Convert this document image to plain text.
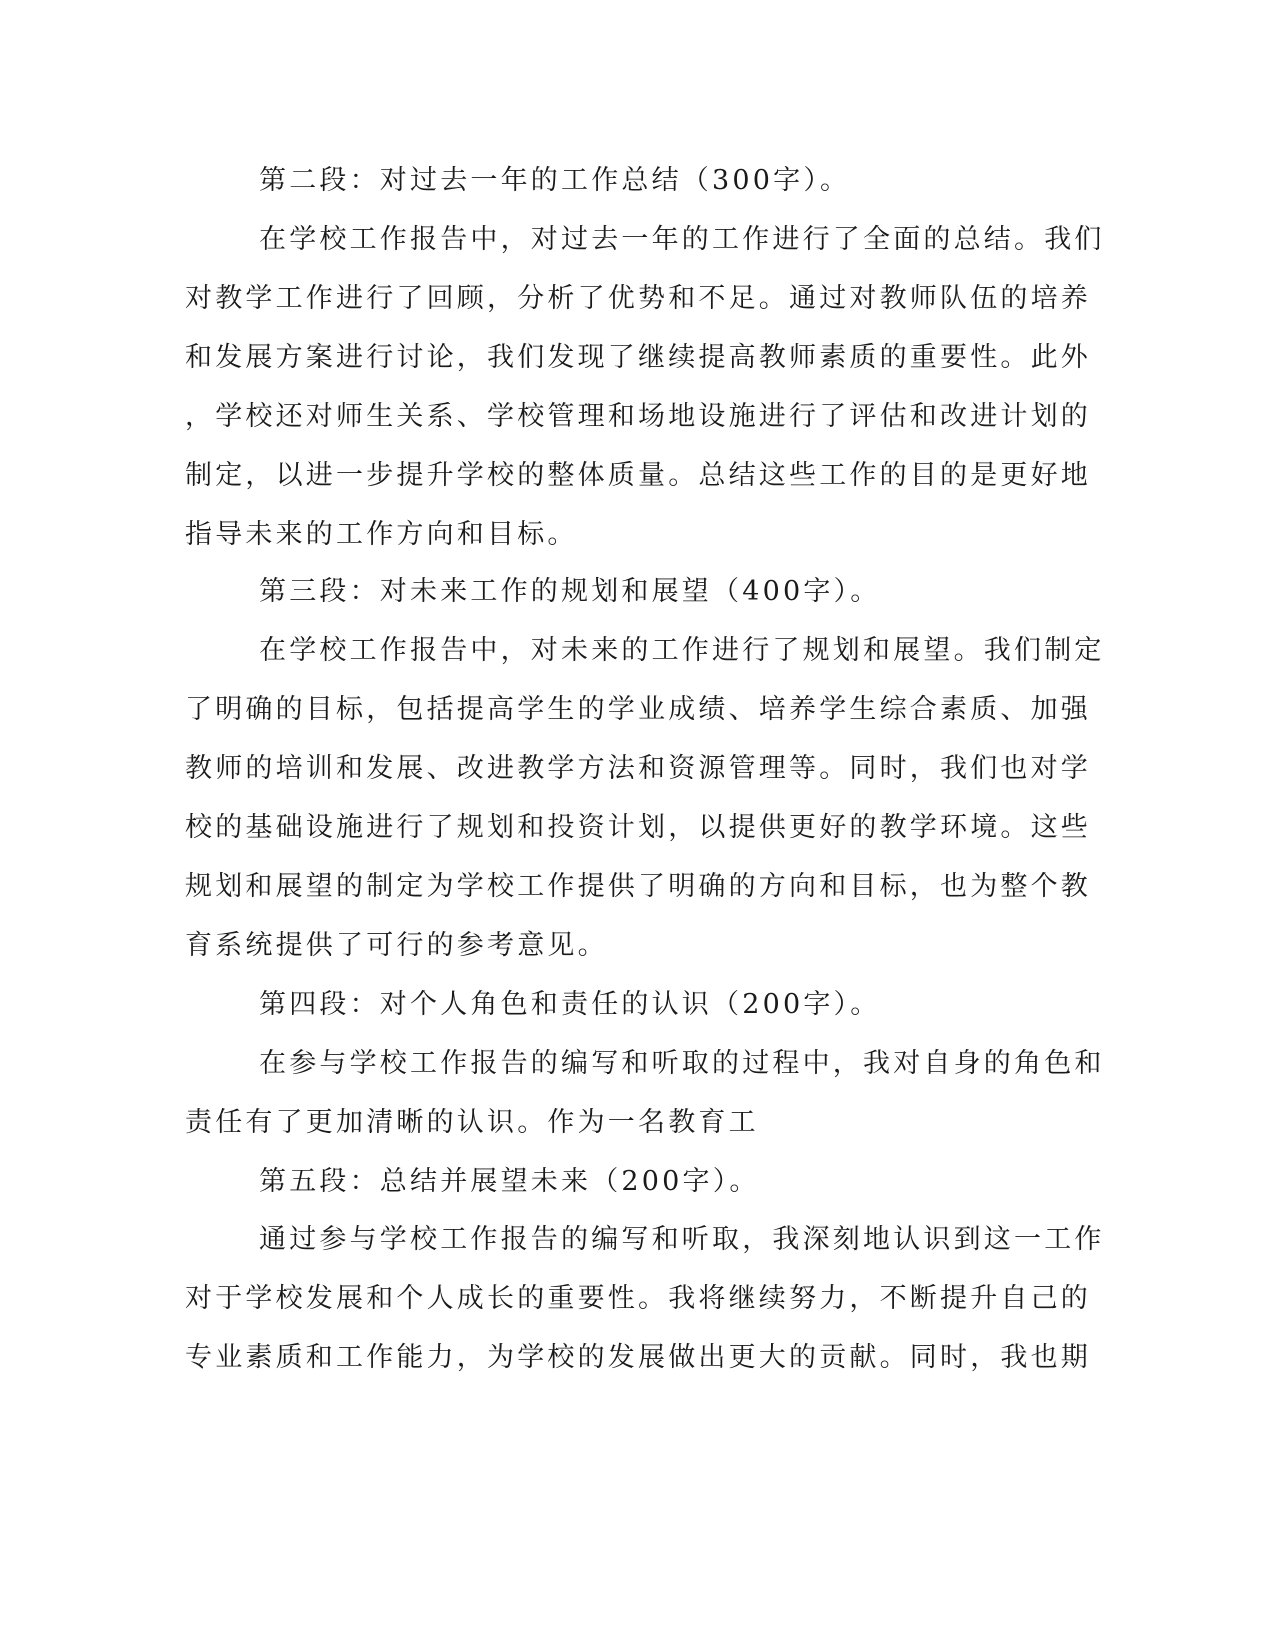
第二段：对过去一年的工作总结（300字）。
在学校工作报告中，对过去一年的工作进行了全面的总结。我们
对教学工作进行了回顾，分析了优势和不足。通过对教师队伍的培养
和发展方案进行讨论，我们发现了继续提高教师素质的重要性。此外
，学校还对师生关系、学校管理和场地设施进行了评估和改进计划的
制定，以进一步提升学校的整体质量。总结这些工作的目的是更好地
指导未来的工作方向和目标。
第三段：对未来工作的规划和展望（400字）。
在学校工作报告中，对未来的工作进行了规划和展望。我们制定
了明确的目标，包括提高学生的学业成绩、培养学生综合素质、加强
教师的培训和发展、改进教学方法和资源管理等。同时，我们也对学
校的基础设施进行了规划和投资计划，以提供更好的教学环境。这些
规划和展望的制定为学校工作提供了明确的方向和目标，也为整个教
育系统提供了可行的参考意见。
第四段：对个人角色和责任的认识（200字）。
在参与学校工作报告的编写和听取的过程中，我对自身的角色和
责任有了更加清晰的认识。作为一名教育工
第五段：总结并展望未来（200字）。
通过参与学校工作报告的编写和听取，我深刻地认识到这一工作
对于学校发展和个人成长的重要性。我将继续努力，不断提升自己的
专业素质和工作能力，为学校的发展做出更大的贡献。同时，我也期
